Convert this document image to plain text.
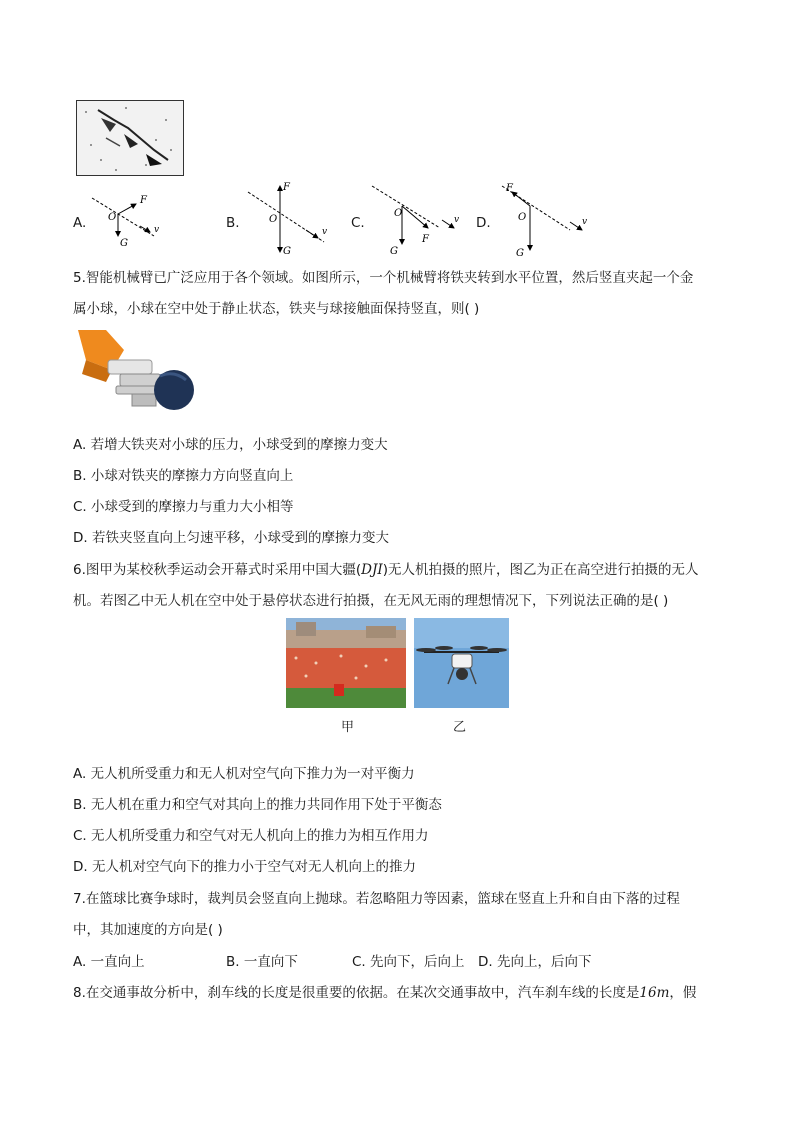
A. O
F
G
v	B.	O
F
G
v
C.
O
F
G
v D.
F
O
G
v
5.智能机械臂已广泛应用于各个领域。如图所示，一个机械臂将铁夹转到水平位置，然后竖直夹起一个金
属小球，小球在空中处于静止状态，铁夹与球接触面保持竖直，则( )
A. 若增大铁夹对小球的压力，小球受到的摩擦力变大
B. 小球对铁夹的摩擦力方向竖直向上
C. 小球受到的摩擦力与重力大小相等
D. 若铁夹竖直向上匀速平移，小球受到的摩擦力变大
6.图甲为某校秋季运动会开幕式时采用中国大疆(DJI)无人机拍摄的照片，图乙为正在高空进行拍摄的无人
机。若图乙中无人机在空中处于悬停状态进行拍摄，在无风无雨的理想情况下，下列说法正确的是( )
甲	乙
A. 无人机所受重力和无人机对空气向下推力为一对平衡力
B. 无人机在重力和空气对其向上的推力共同作用下处于平衡态
C. 无人机所受重力和空气对无人机向上的推力为相互作用力
D. 无人机对空气向下的推力小于空气对无人机向上的推力
7.在篮球比赛争球时，裁判员会竖直向上抛球。若忽略阻力等因素，篮球在竖直上升和自由下落的过程
中，其加速度的方向是( )
A. 一直向上	B. 一直向下	C. 先向下，后向上 D. 先向上，后向下
8.在交通事故分析中，刹车线的长度是很重要的依据。在某次交通事故中，汽车刹车线的长度是16m，假
